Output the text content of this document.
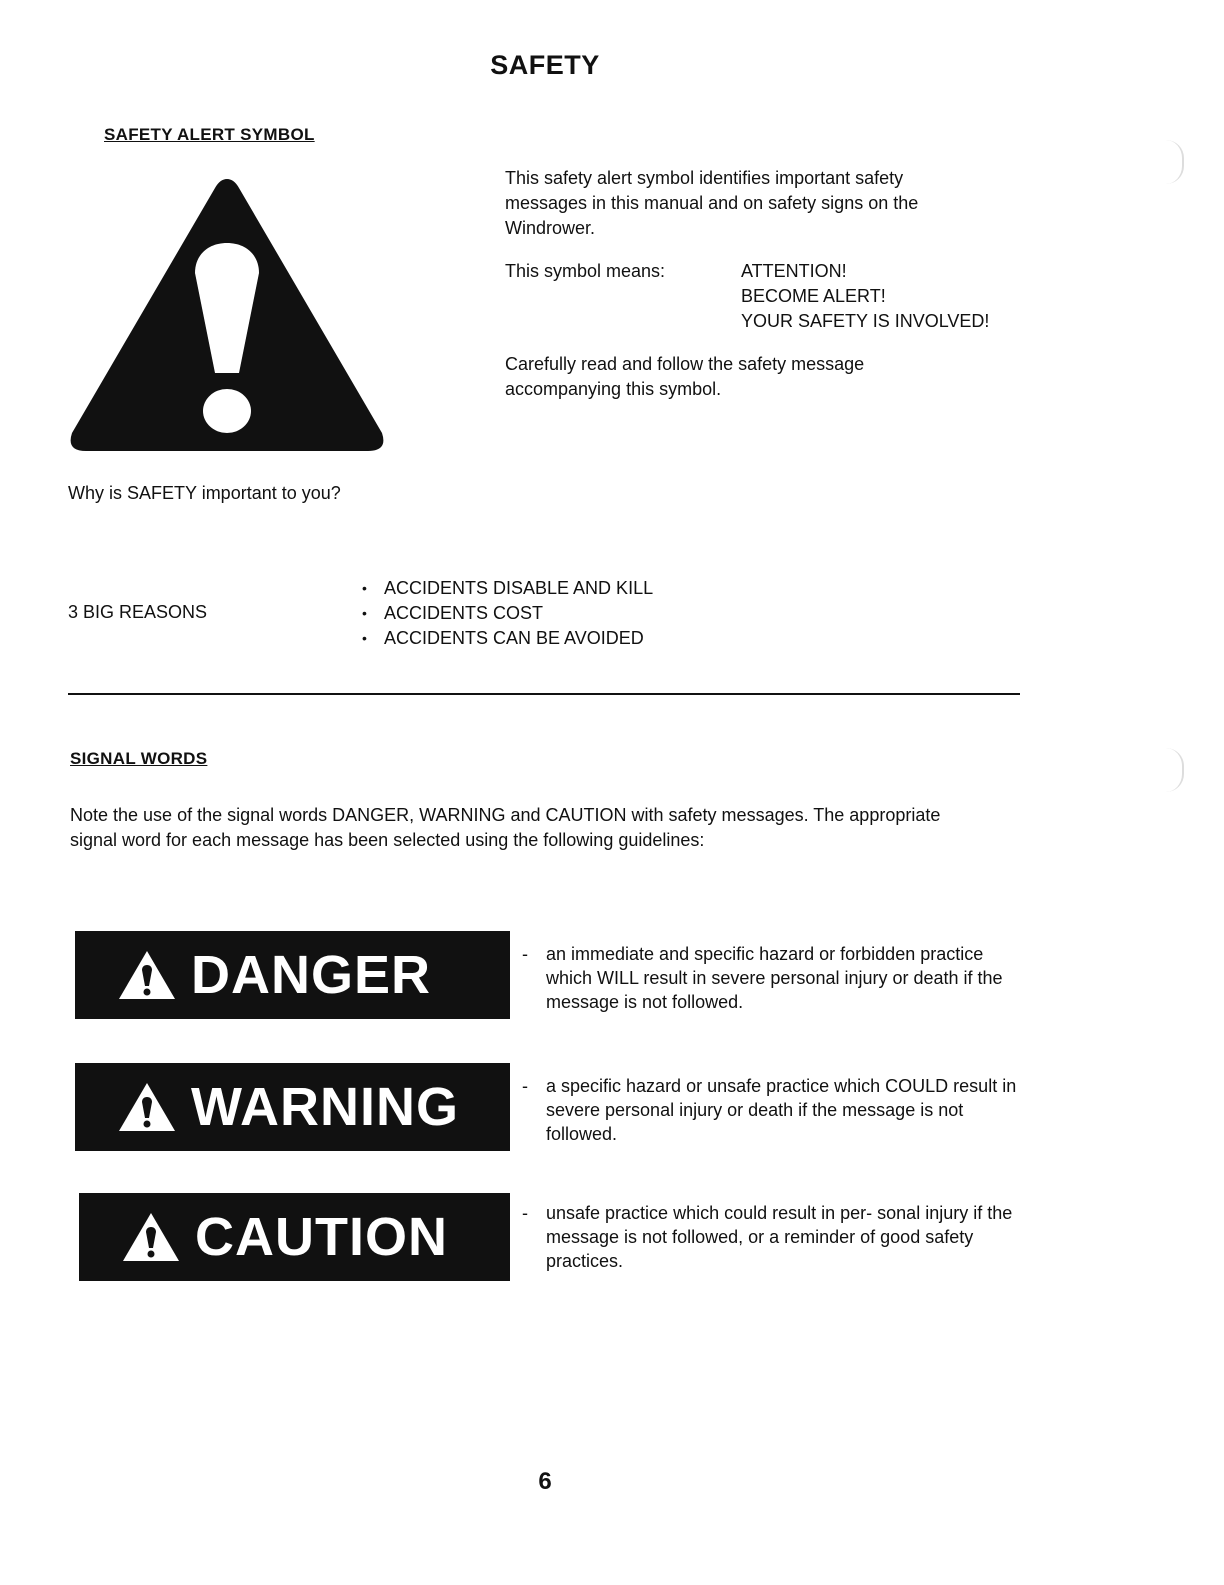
SAFETY
SAFETY ALERT SYMBOL
This safety alert symbol identifies important safety messages in this manual and on safety signs on the Windrower.
This symbol means:	ATTENTION!
BECOME ALERT!
YOUR SAFETY IS INVOLVED!
Carefully read and follow the safety message accompanying this symbol.
Why is SAFETY important to you?
3 BIG REASONS
• ACCIDENTS DISABLE AND KILL
• ACCIDENTS COST
• ACCIDENTS CAN BE AVOIDED
SIGNAL WORDS
Note the use of the signal words DANGER, WARNING and CAUTION with safety messages. The appropriate signal word for each message has been selected using the following guidelines:
DANGER	-	an immediate and specific hazard or forbidden practice which WILL result in severe personal injury or death if the message is not followed.
WARNING	-	a specific hazard or unsafe practice which COULD result in severe personal injury or death if the message is not followed.
CAUTION	-	unsafe practice which could result in per- sonal injury if the message is not followed, or a reminder of good safety practices.
6
